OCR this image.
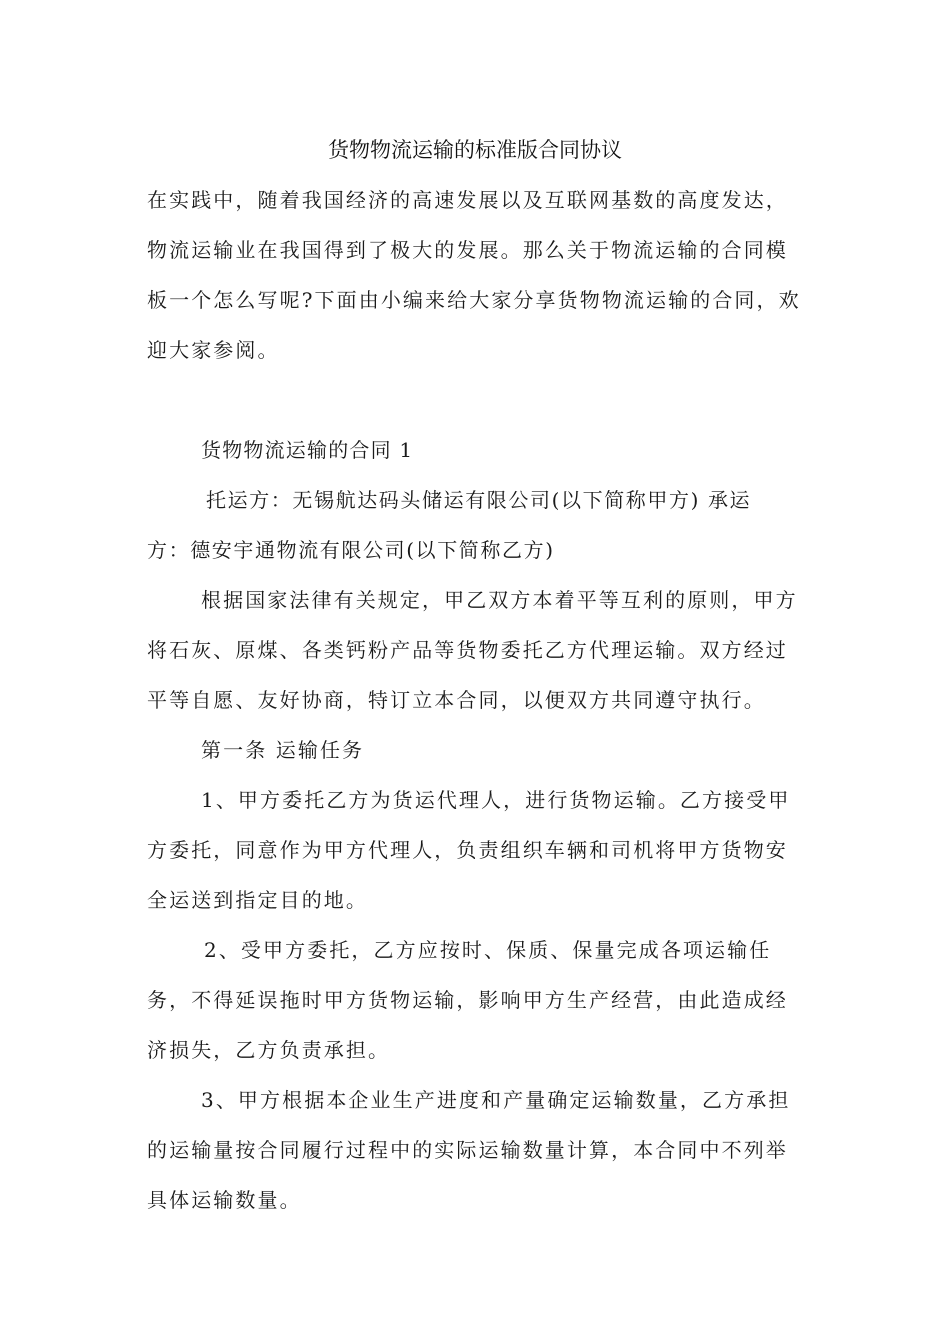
货物物流运输的标准版合同协议
在实践中，随着我国经济的高速发展以及互联网基数的高度发达，
物流运输业在我国得到了极大的发展。那么关于物流运输的合同模
板一个怎么写呢?下面由小编来给大家分享货物物流运输的合同，欢
迎大家参阅。
货物物流运输的合同 1
托运方：无锡航达码头储运有限公司(以下简称甲方) 承运
方：德安宇通物流有限公司(以下简称乙方)
根据国家法律有关规定，甲乙双方本着平等互利的原则，甲方
将石灰、原煤、各类钙粉产品等货物委托乙方代理运输。双方经过
平等自愿、友好协商，特订立本合同，以便双方共同遵守执行。
第一条 运输任务
1、甲方委托乙方为货运代理人，进行货物运输。乙方接受甲
方委托，同意作为甲方代理人，负责组织车辆和司机将甲方货物安
全运送到指定目的地。
2、受甲方委托，乙方应按时、保质、保量完成各项运输任
务，不得延误拖时甲方货物运输，影响甲方生产经营，由此造成经
济损失，乙方负责承担。
3、甲方根据本企业生产进度和产量确定运输数量，乙方承担
的运输量按合同履行过程中的实际运输数量计算，本合同中不列举
具体运输数量。
